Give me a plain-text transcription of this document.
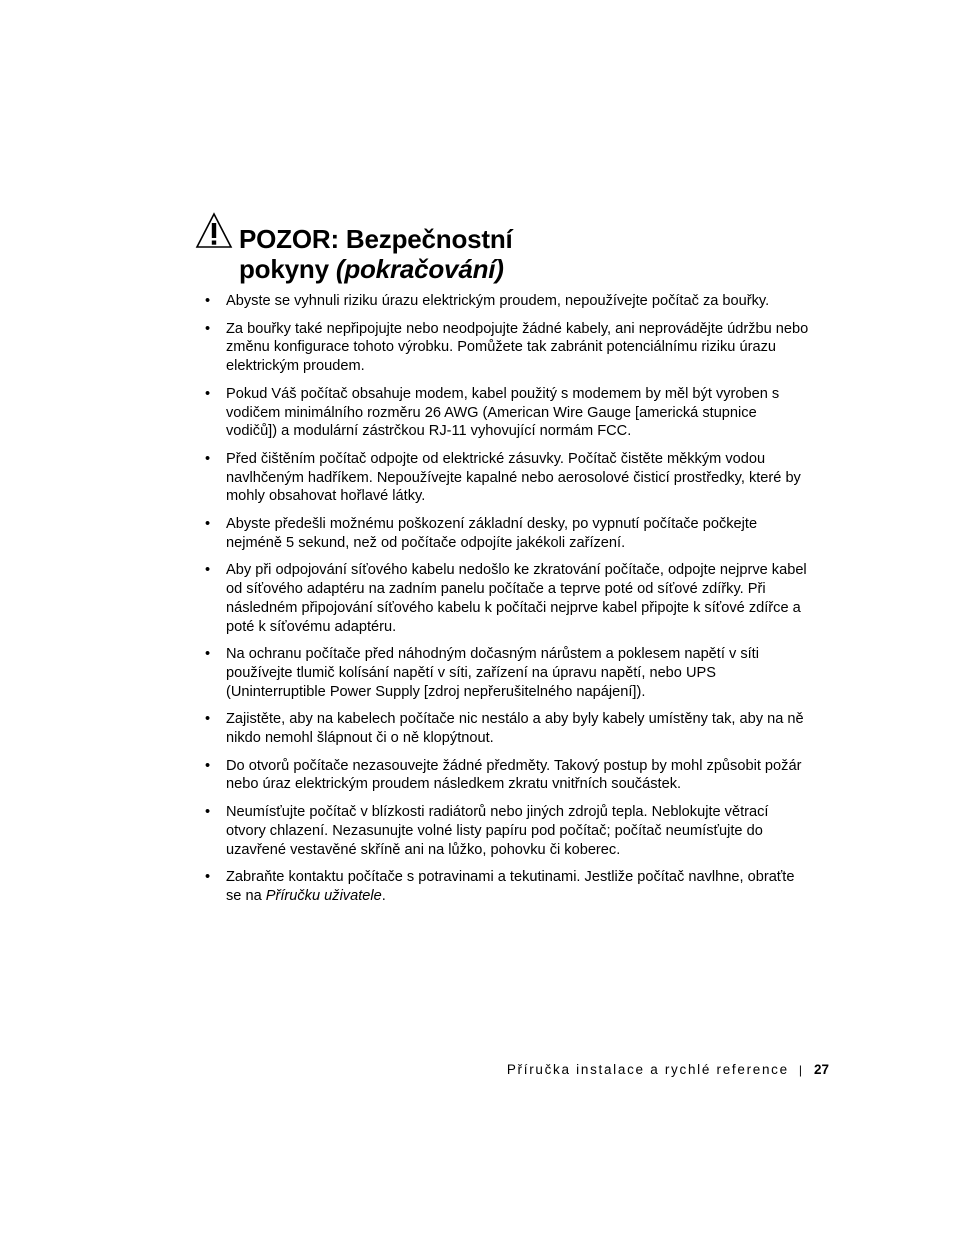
POZOR: Bezpečnostní
pokyny (pokračování)
• Abyste se vyhnuli riziku úrazu elektrickým proudem, nepoužívejte počítač za bouřky.
• Za bouřky také nepřipojujte nebo neodpojujte žádné kabely, ani neprovádějte údržbu nebo změnu konfigurace tohoto výrobku. Pomůžete tak zabránit potenciálnímu riziku úrazu elektrickým proudem.
• Pokud Váš počítač obsahuje modem, kabel použitý s modemem by měl být vyroben s vodičem minimálního rozměru 26 AWG (American Wire Gauge [americká stupnice vodičů]) a modulární zástrčkou RJ-11 vyhovující normám FCC.
• Před čištěním počítač odpojte od elektrické zásuvky. Počítač čistěte měkkým vodou navlhčeným hadříkem. Nepoužívejte kapalné nebo aerosolové čisticí prostředky, které by mohly obsahovat hořlavé látky.
• Abyste předešli možnému poškození základní desky, po vypnutí počítače počkejte nejméně 5 sekund, než od počítače odpojíte jakékoli zařízení.
• Aby při odpojování síťového kabelu nedošlo ke zkratování počítače, odpojte nejprve kabel od síťového adaptéru na zadním panelu počítače a teprve poté od síťové zdířky. Při následném připojování síťového kabelu k počítači nejprve kabel připojte k síťové zdířce a poté k síťovému adaptéru.
• Na ochranu počítače před náhodným dočasným nárůstem a poklesem napětí v síti používejte tlumič kolísání napětí v síti, zařízení na úpravu napětí, nebo UPS (Uninterruptible Power Supply [zdroj nepřerušitelného napájení]).
• Zajistěte, aby na kabelech počítače nic nestálo a aby byly kabely umístěny tak, aby na ně nikdo nemohl šlápnout či o ně klopýtnout.
• Do otvorů počítače nezasouvejte žádné předměty. Takový postup by mohl způsobit požár nebo úraz elektrickým proudem následkem zkratu vnitřních součástek.
• Neumísťujte počítač v blízkosti radiátorů nebo jiných zdrojů tepla. Neblokujte větrací otvory chlazení. Nezasunujte volné listy papíru pod počítač; počítač neumísťujte do uzavřené vestavěné skříně ani na lůžko, pohovku či koberec.
• Zabraňte kontaktu počítače s potravinami a tekutinami. Jestliže počítač navlhne, obraťte se na Příručku uživatele.
Příručka instalace a rychlé reference | 27
